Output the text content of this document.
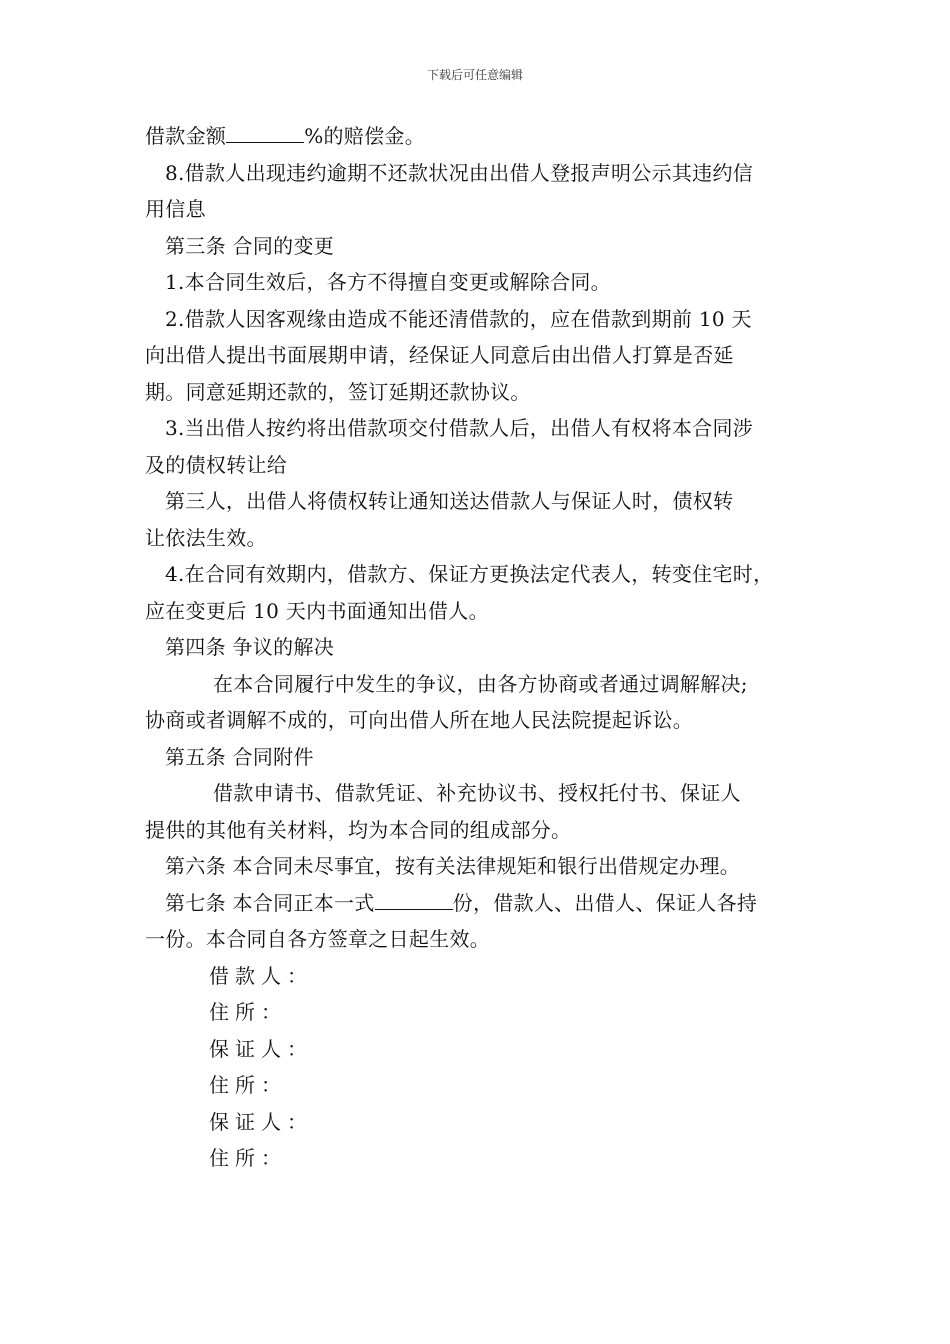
下载后可任意编辑
借款金额	%的赔偿金。
8.借款人出现违约逾期不还款状况由出借人登报声明公示其违约信
用信息
第三条 合同的变更
1.本合同生效后，各方不得擅自变更或解除合同。
2.借款人因客观缘由造成不能还清借款的，应在借款到期前 10 天
向出借人提出书面展期申请，经保证人同意后由出借人打算是否延
期。同意延期还款的，签订延期还款协议。
3.当出借人按约将出借款项交付借款人后，出借人有权将本合同涉
及的债权转让给
第三人，出借人将债权转让通知送达借款人与保证人时，债权转
让依法生效。
4.在合同有效期内，借款方、保证方更换法定代表人，转变住宅时，
应在变更后 10 天内书面通知出借人。
第四条 争议的解决
在本合同履行中发生的争议，由各方协商或者通过调解解决;
协商或者调解不成的，可向出借人所在地人民法院提起诉讼。
第五条 合同附件
借款申请书、借款凭证、补充协议书、授权托付书、保证人
提供的其他有关材料，均为本合同的组成部分。
第六条 本合同未尽事宜，按有关法律规矩和银行出借规定办理。
第七条 本合同正本一式	份，借款人、出借人、保证人各持
一份。本合同自各方签章之日起生效。
借款人：
住所：
保证人：
住所：
保证人：
住所：
